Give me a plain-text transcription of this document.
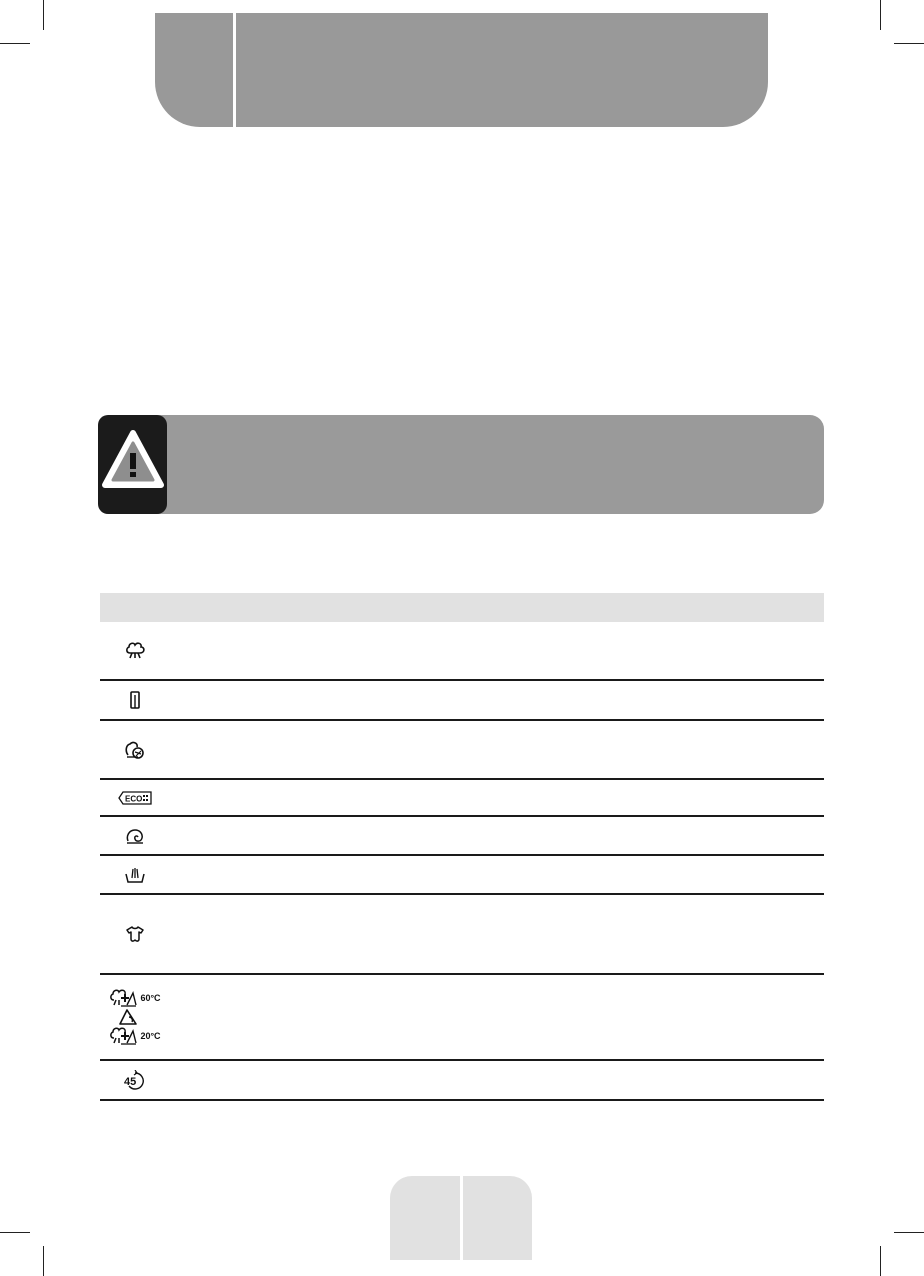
ECO
60°C
20°C
45
